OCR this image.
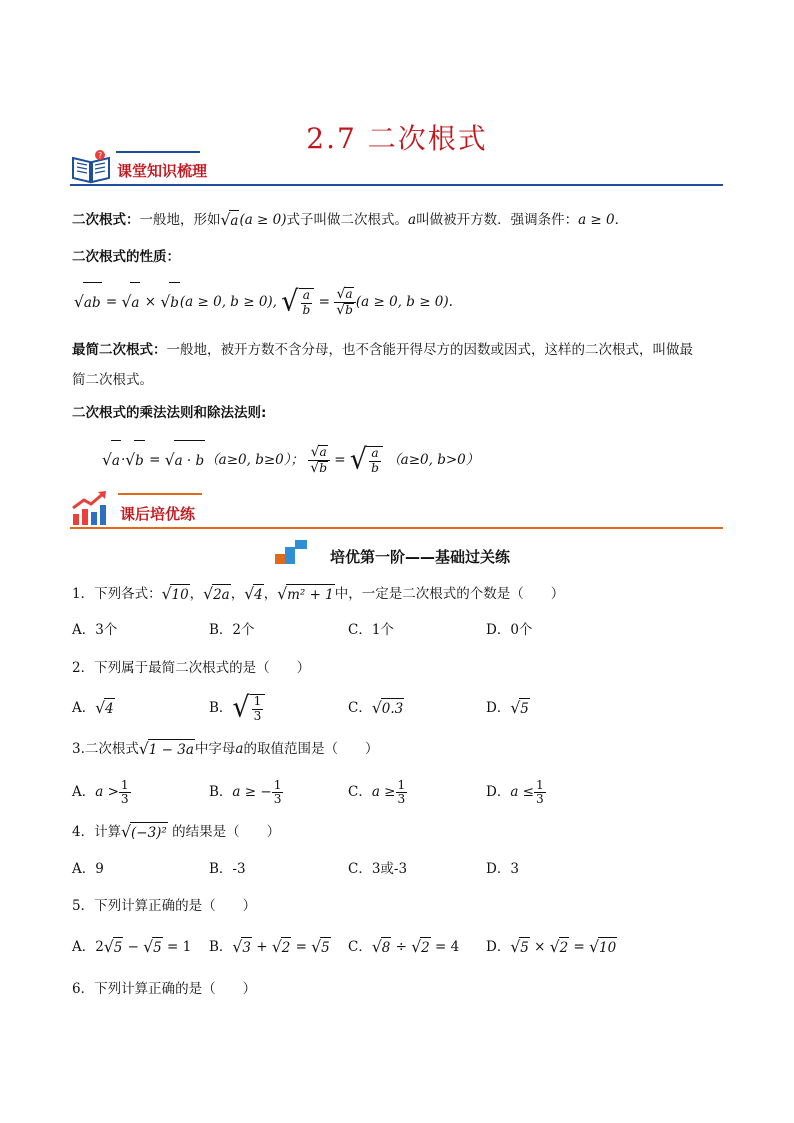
2.7 二次根式
?
课堂知识梳理
二次根式：一般地，形如√a(a ≥ 0)式子叫做二次根式。a叫做被开方数．强调条件：a ≥ 0．
二次根式的性质：
√ab = √a × √b(a ≥ 0, b ≥ 0), √ $\frac{a}{b} = \frac{√a}{√b} (a \ge 0$, b ≥ 0).
最简二次根式：一般地，被开方数不含分母，也不含能开得尽方的因数或因式，这样的二次根式，叫做最
简二次根式。
二次根式的乘法法则和除法法则:
√a·√b = √a · b（a≥0, b≥0）； $\frac{√a}{√b}$ = √ $\frac{a}{b} (a\ge 0$, b>0）
课后培优练
培优第一阶——基础过关练
1．下列各式：√10，√2a，√4，√m² + 1中，一定是二次根式的个数是（　　）
A．3个	B．2个	C．1个	D．0个
2．下列属于最简二次根式的是（　　）
A．√4	B． √ $\frac{1}{3}$	C．√0.3	D．√5
3.二次根式√1 − 3a中字母a的取值范围是（　　）
A．$a > \frac{1}{3}$	B．a ≥ − $\frac{1}{3}$	C．$a \ge \frac{1}{3}$	D．$a \le \frac{1}{3}$
4．计算√(−3)² 的结果是（　　）
A．9	B．-3	C．3或-3	D．3
5．下列计算正确的是（　　）
A．2√5 − √5 = 1 B．√3 + √2 = √5 C．√8 ÷ √2 = 4 D．√5 × √2 = √10
6．下列计算正确的是（　　）
